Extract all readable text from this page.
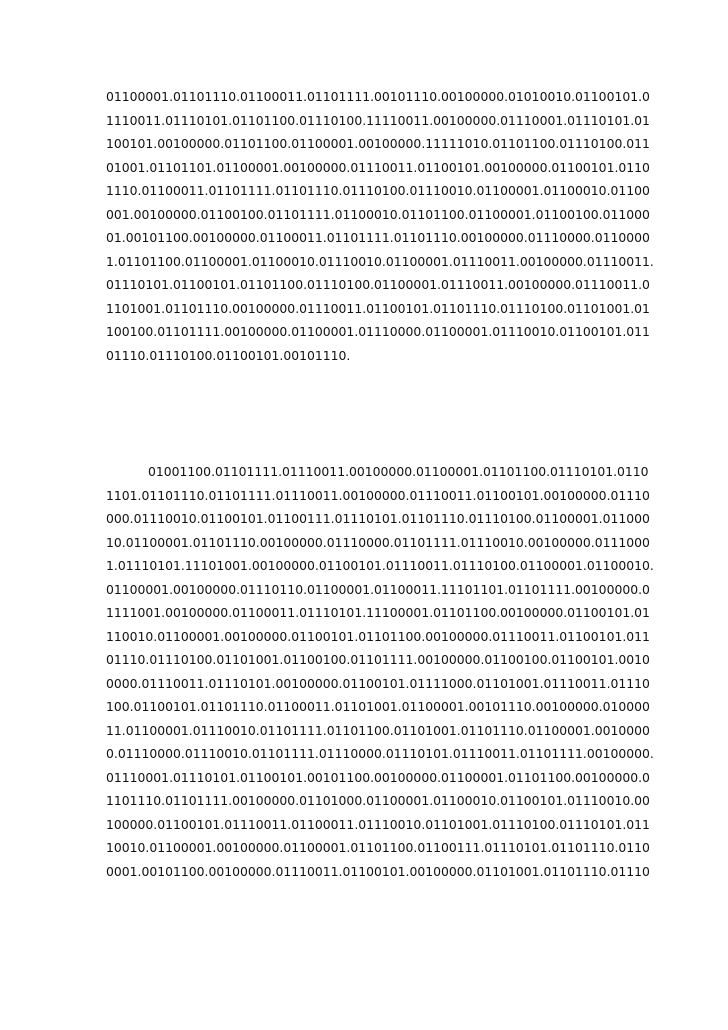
01100001.01101110.01100011.01101111.00101110.00100000.01010010.01100101.0
1110011.01110101.01101100.01110100.11110011.00100000.01110001.01110101.01
100101.00100000.01101100.01100001.00100000.11111010.01101100.01110100.011
01001.01101101.01100001.00100000.01110011.01100101.00100000.01100101.0110
1110.01100011.01101111.01101110.01110100.01110010.01100001.01100010.01100
001.00100000.01100100.01101111.01100010.01101100.01100001.01100100.011000
01.00101100.00100000.01100011.01101111.01101110.00100000.01110000.0110000
1.01101100.01100001.01100010.01110010.01100001.01110011.00100000.01110011.
01110101.01100101.01101100.01110100.01100001.01110011.00100000.01110011.0
1101001.01101110.00100000.01110011.01100101.01101110.01110100.01101001.01
100100.01101111.00100000.01100001.01110000.01100001.01110010.01100101.011
01110.01110100.01100101.00101110.
01001100.01101111.01110011.00100000.01100001.01101100.01110101.0110
1101.01101110.01101111.01110011.00100000.01110011.01100101.00100000.01110
000.01110010.01100101.01100111.01110101.01101110.01110100.01100001.011000
10.01100001.01101110.00100000.01110000.01101111.01110010.00100000.0111000
1.01110101.11101001.00100000.01100101.01110011.01110100.01100001.01100010.
01100001.00100000.01110110.01100001.01100011.11101101.01101111.00100000.0
1111001.00100000.01100011.01110101.11100001.01101100.00100000.01100101.01
110010.01100001.00100000.01100101.01101100.00100000.01110011.01100101.011
01110.01110100.01101001.01100100.01101111.00100000.01100100.01100101.0010
0000.01110011.01110101.00100000.01100101.01111000.01101001.01110011.01110
100.01100101.01101110.01100011.01101001.01100001.00101110.00100000.010000
11.01100001.01110010.01101111.01101100.01101001.01101110.01100001.0010000
0.01110000.01110010.01101111.01110000.01110101.01110011.01101111.00100000.
01110001.01110101.01100101.00101100.00100000.01100001.01101100.00100000.0
1101110.01101111.00100000.01101000.01100001.01100010.01100101.01110010.00
100000.01100101.01110011.01100011.01110010.01101001.01110100.01110101.011
10010.01100001.00100000.01100001.01101100.01100111.01110101.01101110.0110
0001.00101100.00100000.01110011.01100101.00100000.01101001.01101110.01110
